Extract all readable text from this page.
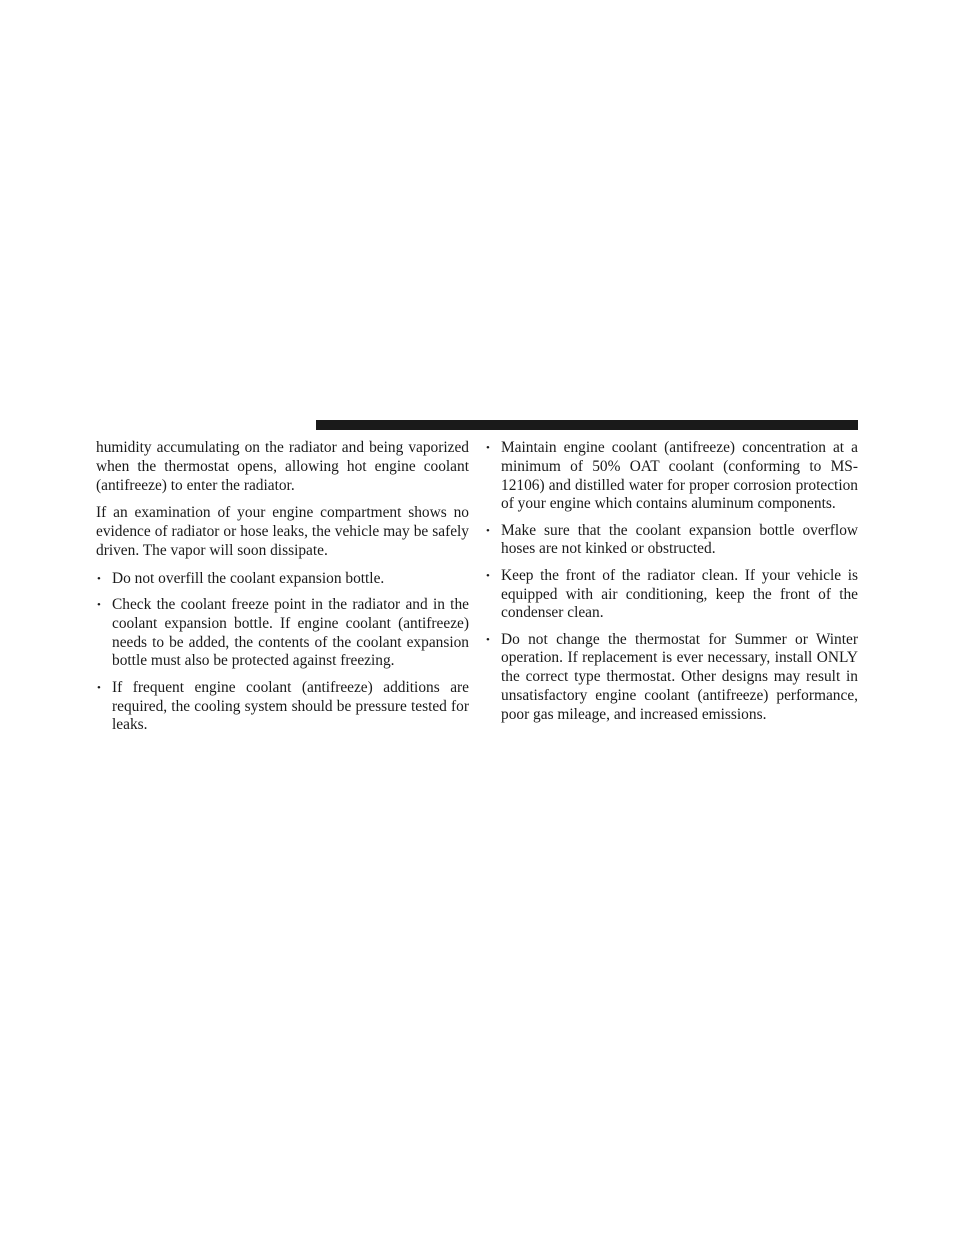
humidity accumulating on the radiator and being vaporized when the thermostat opens, allowing hot engine coolant (antifreeze) to enter the radiator.

If an examination of your engine compartment shows no evidence of radiator or hose leaks, the vehicle may be safely driven. The vapor will soon dissipate.

• Do not overfill the coolant expansion bottle.
• Check the coolant freeze point in the radiator and in the coolant expansion bottle. If engine coolant (antifreeze) needs to be added, the contents of the coolant expansion bottle must also be protected against freezing.
• If frequent engine coolant (antifreeze) additions are required, the cooling system should be pressure tested for leaks.
• Maintain engine coolant (antifreeze) concentration at a minimum of 50% OAT coolant (conforming to MS-12106) and distilled water for proper corrosion protection of your engine which contains aluminum components.
• Make sure that the coolant expansion bottle overflow hoses are not kinked or obstructed.
• Keep the front of the radiator clean. If your vehicle is equipped with air conditioning, keep the front of the condenser clean.
• Do not change the thermostat for Summer or Winter operation. If replacement is ever necessary, install ONLY the correct type thermostat. Other designs may result in unsatisfactory engine coolant (antifreeze) performance, poor gas mileage, and increased emissions.
